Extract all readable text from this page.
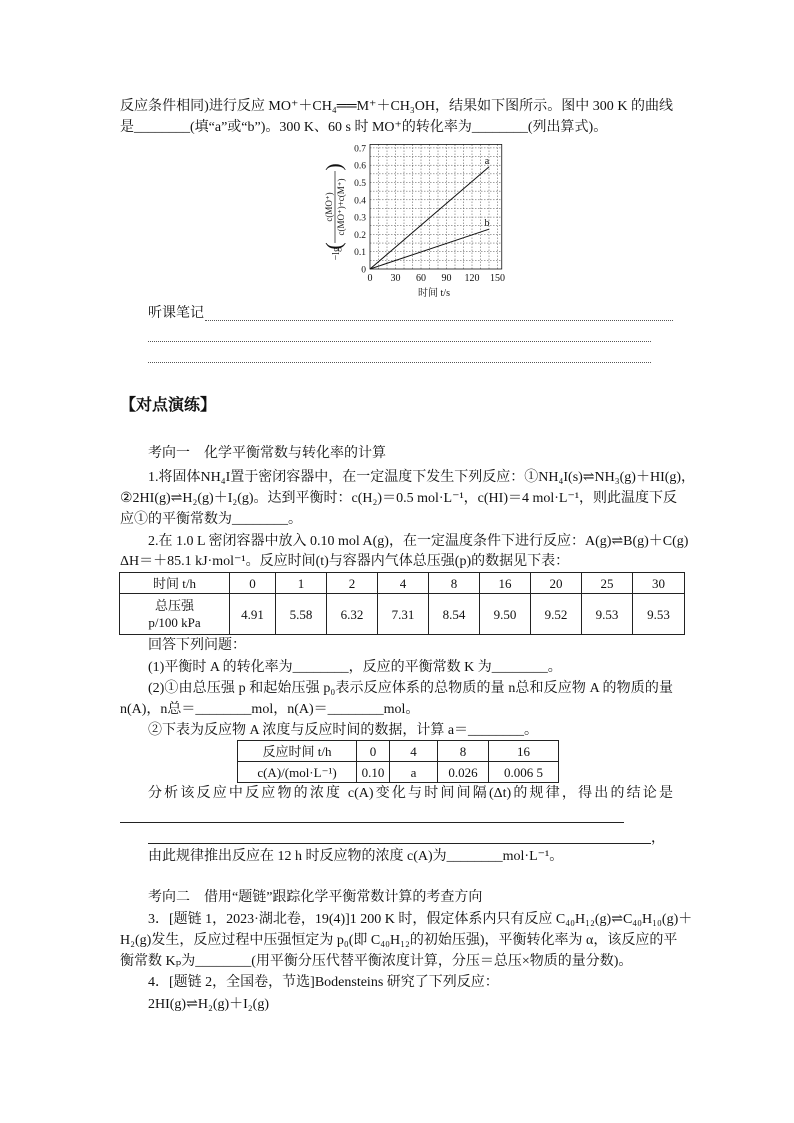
反应条件相同)进行反应 MO⁺＋CH₄══M⁺＋CH₃OH，结果如下图所示。图中 300 K 的曲线
是________(填“a”或“b”)。300 K、60 s 时 MO⁺的转化率为________(列出算式)。
−lg
(
c(MO⁺) c(MO⁺)+c(M⁺)
)
时间 t/s
0 30 60 90 120 150
0
0.1
0.2
0.3
0.4
0.5
0.6
0.7
a
b
听课笔记
【对点演练】
考向一　化学平衡常数与转化率的计算
1.将固体NH₄I置于密闭容器中，在一定温度下发生下列反应：①NH₄I(s)⇌NH₃(g)＋HI(g)，
②2HI(g)⇌H₂(g)＋I₂(g)。达到平衡时：c(H₂)＝0.5 mol·L⁻¹，c(HI)＝4 mol·L⁻¹，则此温度下反
应①的平衡常数为________。
2.在 1.0 L 密闭容器中放入 0.10 mol A(g)，在一定温度条件下进行反应：A(g)⇌B(g)＋C(g)
ΔH＝＋85.1 kJ·mol⁻¹。反应时间(t)与容器内气体总压强(p)的数据见下表：
时间 t/h	0	1	2	4	8	16	20	25	30
总压强
p/100 kPa	4.91	5.58	6.32	7.31	8.54	9.50	9.52	9.53	9.53
回答下列问题：
(1)平衡时 A 的转化率为________，反应的平衡常数 K 为________。
(2)①由总压强 p 和起始压强 p₀表示反应体系的总物质的量 n总和反应物 A 的物质的量
n(A)，n总＝________mol，n(A)＝________mol。
②下表为反应物 A 浓度与反应时间的数据，计算 a＝________。
反应时间 t/h	0	4	8	16
c(A)/(mol·L⁻¹)	0.10	a	0.026	0.006 5
分析该反应中反应物的浓度 c(A)变化与时间间隔(Δt)的规律，得出的结论是
，
由此规律推出反应在 12 h 时反应物的浓度 c(A)为________mol·L⁻¹。
考向二　借用“题链”跟踪化学平衡常数计算的考查方向
3．[题链 1，2023·湖北卷，19(4)]1 200 K 时，假定体系内只有反应 C₄₀H₁₂(g)⇌C₄₀H₁₀(g)＋
H₂(g)发生，反应过程中压强恒定为 p₀(即 C₄₀H₁₂的初始压强)，平衡转化率为 α，该反应的平
衡常数 Kₚ为________(用平衡分压代替平衡浓度计算，分压＝总压×物质的量分数)。
4．[题链 2，全国卷，节选]Bodensteins 研究了下列反应：
2HI(g)⇌H₂(g)＋I₂(g)
